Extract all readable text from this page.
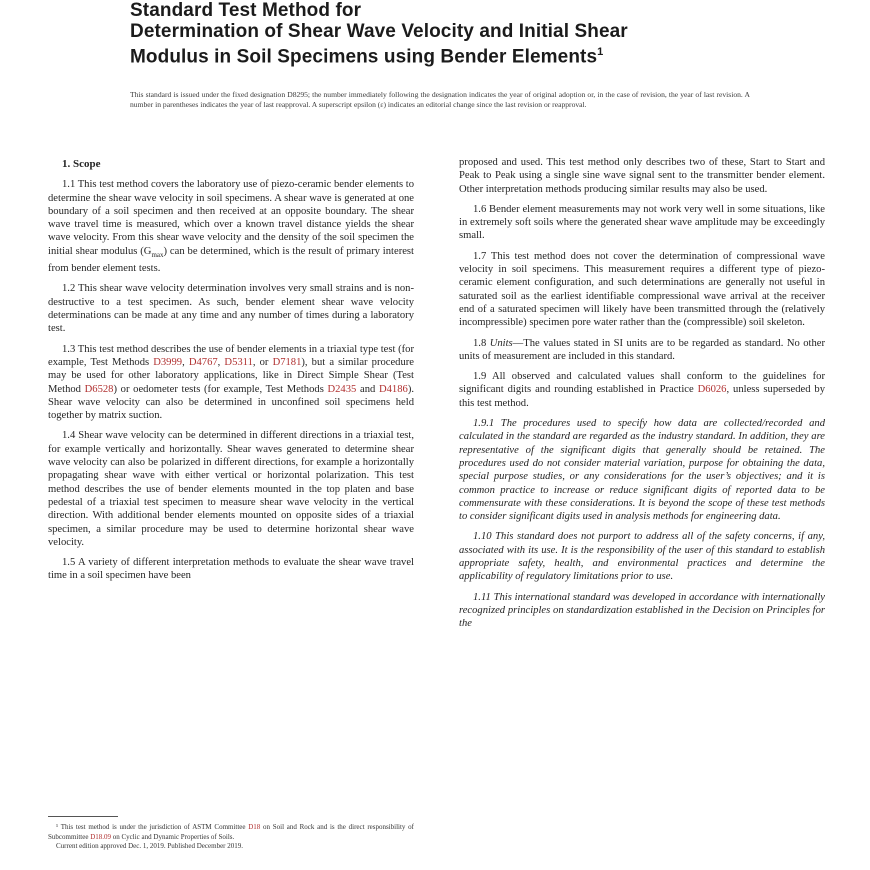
Standard Test Method for
Determination of Shear Wave Velocity and Initial Shear
Modulus in Soil Specimens using Bender Elements$^1$
This standard is issued under the fixed designation D8295; the number immediately following the designation indicates the year of original adoption or, in the case of revision, the year of last revision. A number in parentheses indicates the year of last reapproval. A superscript epsilon (ε) indicates an editorial change since the last revision or reapproval.

1. Scope

1.1 This test method covers the laboratory use of piezo-ceramic bender elements to determine the shear wave velocity in soil specimens. A shear wave is generated at one boundary of a soil specimen and then received at an opposite boundary. The shear wave travel time is measured, which over a known travel distance yields the shear wave velocity. From this shear wave velocity and the density of the soil specimen the initial shear modulus $(G_{max})$ can be determined, which is the result of primary interest from bender element tests.

1.2 This shear wave velocity determination involves very small strains and is non-destructive to a test specimen. As such, bender element shear wave velocity determinations can be made at any time and any number of times during a laboratory test.

1.3 This test method describes the use of bender elements in a triaxial type test (for example, Test Methods D3999, D4767, D5311, or D7181), but a similar procedure may be used for other laboratory applications, like in Direct Simple Shear (Test Method D6528) or oedometer tests (for example, Test Methods D2435 and D4186). Shear wave velocity can also be determined in unconfined soil specimens held together by matrix suction.

1.4 Shear wave velocity can be determined in different directions in a triaxial test, for example vertically and horizontally. Shear waves generated to determine shear wave velocity can also be polarized in different directions, for example a horizontally propagating shear wave with either vertical or horizontal polarization. This test method describes the use of bender elements mounted in the top platen and base pedestal of a triaxial test specimen to measure shear wave velocity in the vertical direction. With additional bender elements mounted on opposite sides of a triaxial specimen, a similar procedure may be used to determine horizontal shear wave velocity.

1.5 A variety of different interpretation methods to evaluate the shear wave travel time in a soil specimen have been

¹ This test method is under the jurisdiction of ASTM Committee D18 on Soil and Rock and is the direct responsibility of Subcommittee D18.09 on Cyclic and Dynamic Properties of Soils.

Current edition approved Dec. 1, 2019. Published December 2019.

proposed and used. This test method only describes two of these, Start to Start and Peak to Peak using a single sine wave signal sent to the transmitter bender element. Other interpretation methods producing similar results may also be used.

1.6 Bender element measurements may not work very well in some situations, like in extremely soft soils where the generated shear wave amplitude may be exceedingly small.

1.7 This test method does not cover the determination of compressional wave velocity in soil specimens. This measurement requires a different type of piezo-ceramic element configuration, and such determinations are generally not useful in saturated soil as the earliest identifiable compressional wave arrival at the receiver end of a saturated specimen will likely have been transmitted through the (relatively incompressible) specimen pore water rather than the (compressible) soil skeleton.

1.8 Units—The values stated in SI units are to be regarded as standard. No other units of measurement are included in this standard.

1.9 All observed and calculated values shall conform to the guidelines for significant digits and rounding established in Practice D6026, unless superseded by this test method.

1.9.1 The procedures used to specify how data are collected/recorded and calculated in the standard are regarded as the industry standard. In addition, they are representative of the significant digits that generally should be retained. The procedures used do not consider material variation, purpose for obtaining the data, special purpose studies, or any considerations for the user’s objectives; and it is common practice to increase or reduce significant digits of reported data to be commensurate with these considerations. It is beyond the scope of these test methods to consider significant digits used in analysis methods for engineering data.

1.10 This standard does not purport to address all of the safety concerns, if any, associated with its use. It is the responsibility of the user of this standard to establish appropriate safety, health, and environmental practices and determine the applicability of regulatory limitations prior to use.

1.11 This international standard was developed in accordance with internationally recognized principles on standardization established in the Decision on Principles for the
